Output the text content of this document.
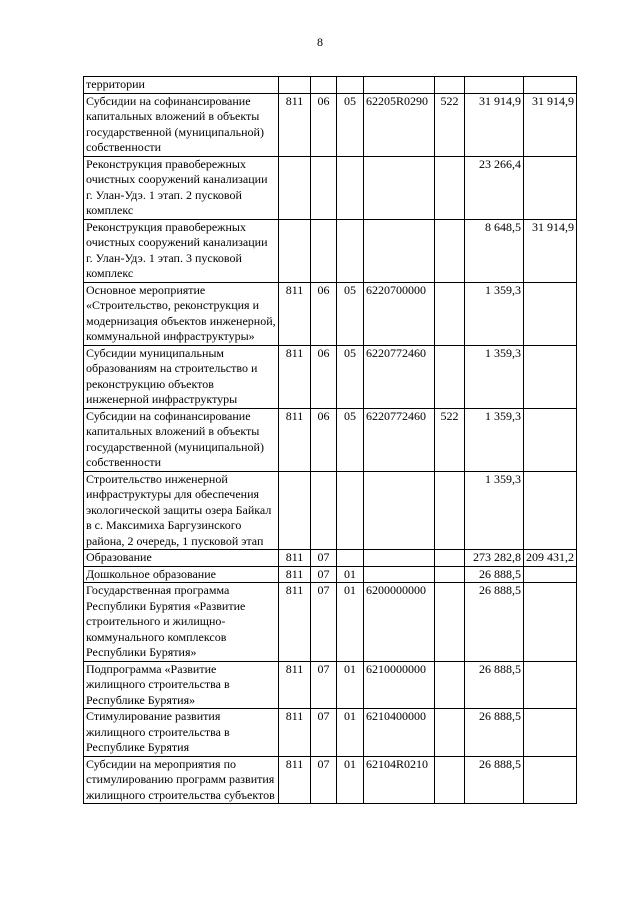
8
территории							
Субсидии на софинансирование капитальных вложений в объекты государственной (муниципальной) собственности	811	06	05	62205R0290	522	31 914,9	31 914,9
Реконструкция правобережных очистных сооружений канализации г. Улан-Удэ. 1 этап. 2 пусковой комплекс						23 266,4	
Реконструкция правобережных очистных сооружений канализации г. Улан-Удэ. 1 этап. 3 пусковой комплекс						8 648,5	31 914,9
Основное мероприятие «Строительство, реконструкция и модернизация объектов инженерной, коммунальной инфраструктуры»	811	06	05	6220700000		1 359,3	
Субсидии муниципальным образованиям на строительство и реконструкцию объектов инженерной инфраструктуры	811	06	05	6220772460		1 359,3	
Субсидии на софинансирование капитальных вложений в объекты государственной (муниципальной) собственности	811	06	05	6220772460	522	1 359,3	
Строительство инженерной инфраструктуры для обеспечения экологической защиты озера Байкал в с. Максимиха Баргузинского района, 2 очередь, 1 пусковой этап						1 359,3	
Образование	811	07				273 282,8	209 431,2
Дошкольное образование	811	07	01			26 888,5	
Государственная программа Республики Бурятия «Развитие строительного и жилищно-коммунального комплексов Республики Бурятия»	811	07	01	6200000000		26 888,5	
Подпрограмма «Развитие жилищного строительства в Республике Бурятия»	811	07	01	6210000000		26 888,5	
Стимулирование развития жилищного строительства в Республике Бурятия	811	07	01	6210400000		26 888,5	
Субсидии на мероприятия по стимулированию программ развития жилищного строительства субъектов	811	07	01	62104R0210		26 888,5	
